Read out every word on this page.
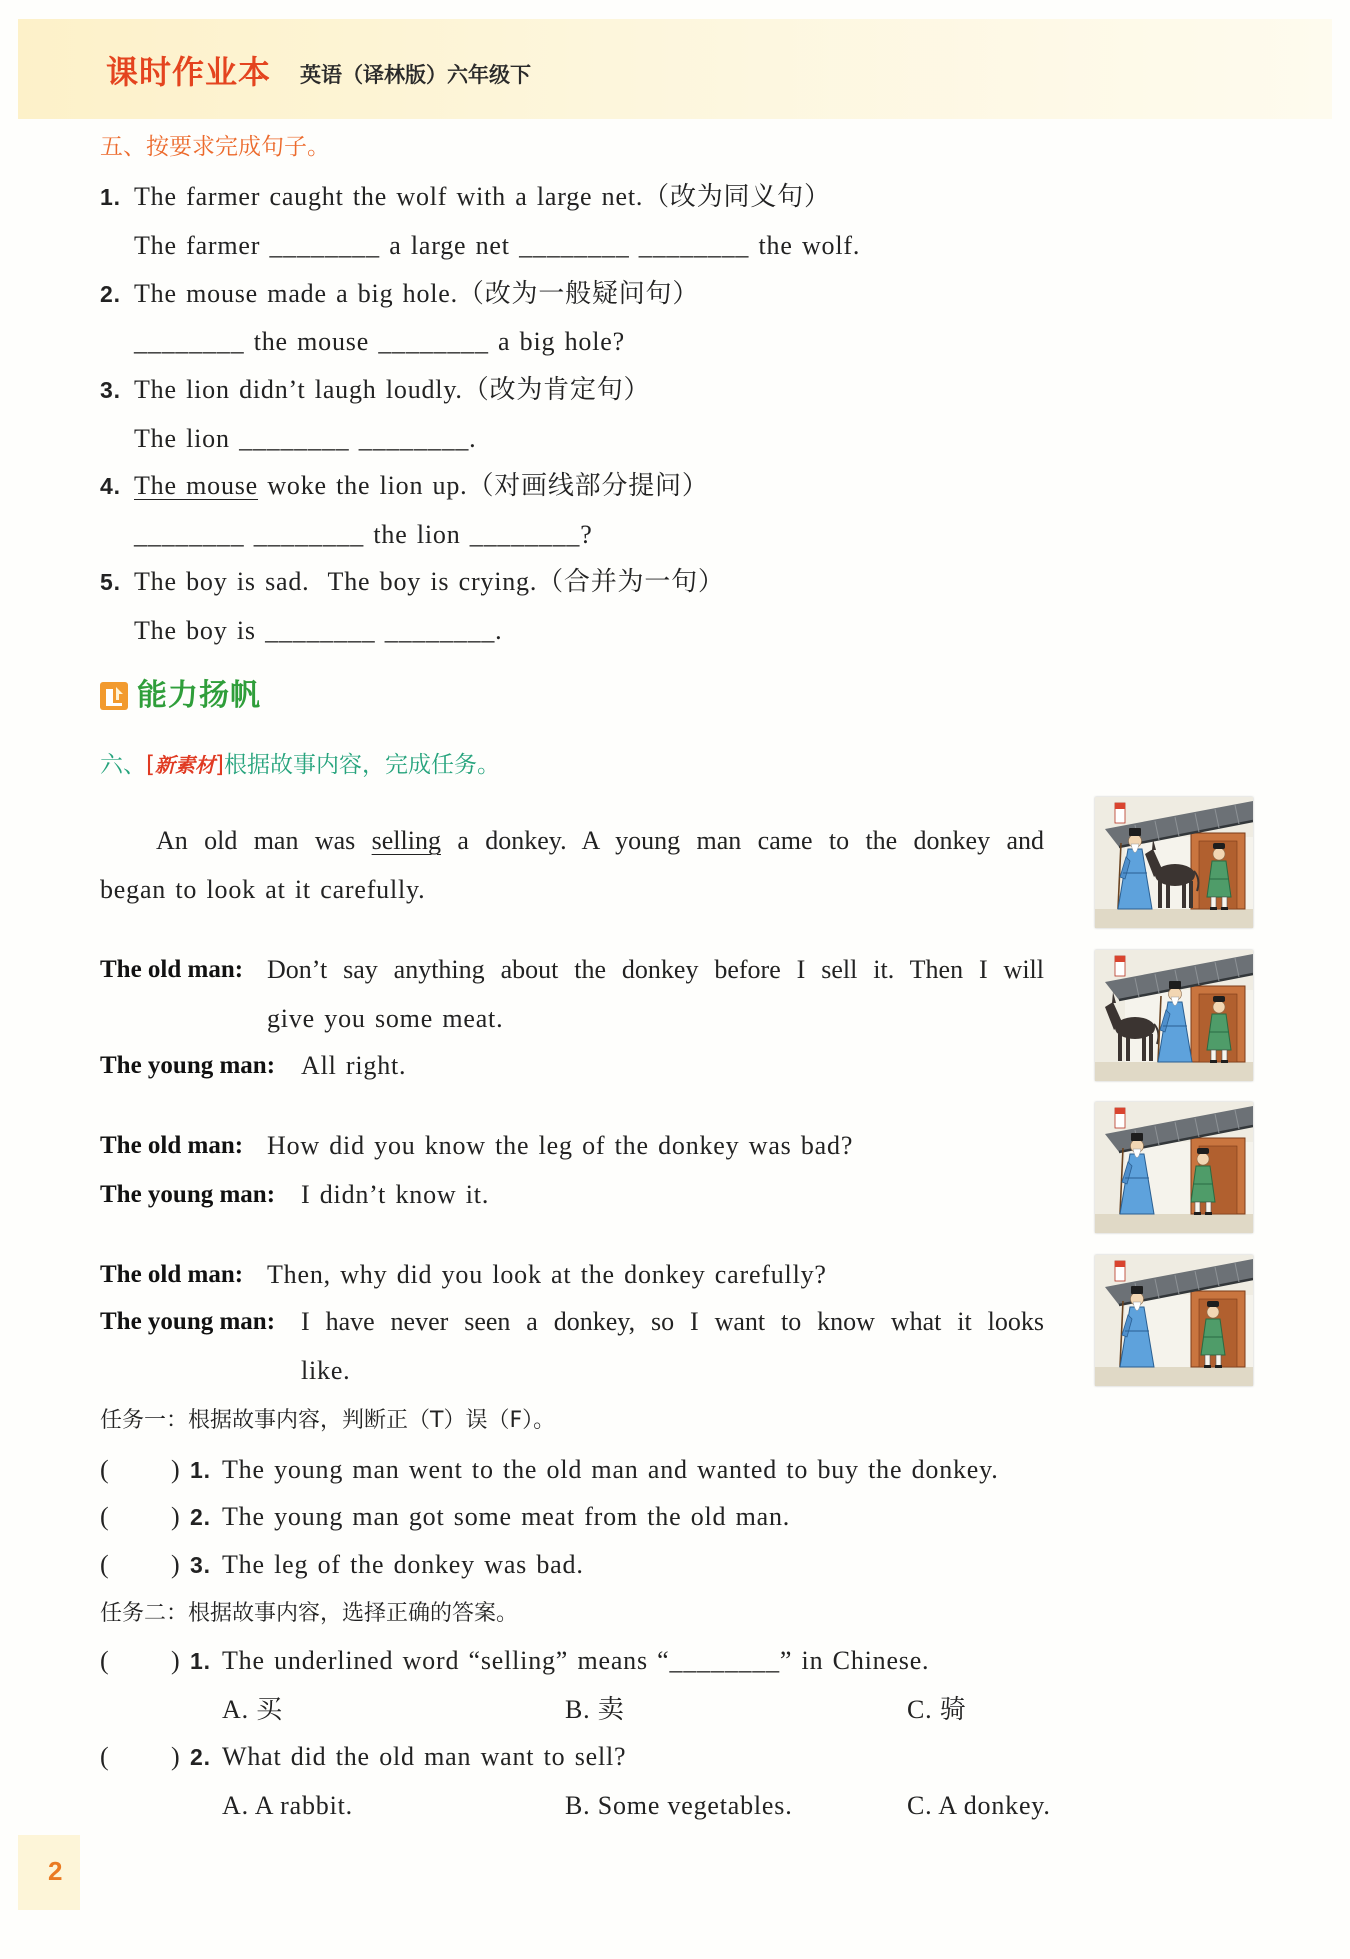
课时作业本 英语（译林版）六年级下
五、按要求完成句子。
1. The farmer caught the wolf with a large net.（改为同义句）
The farmer ________ a large net ________ ________ the wolf.
2. The mouse made a big hole.（改为一般疑问句）
________ the mouse ________ a big hole?
3. The lion didn’t laugh loudly.（改为肯定句）
The lion ________ ________.
4. The mouse woke the lion up.（对画线部分提问）
________ ________ the lion ________?
5. The boy is sad.  The boy is crying.（合并为一句）
The boy is ________ ________.
能力扬帆
六、[新素材]根据故事内容，完成任务。
An old man was selling a donkey. A young man came to the donkey and
began to look at it carefully.
The old man: Don’t say anything about the donkey before I sell it. Then I will
give you some meat.
The young man: All right.
The old man: How did you know the leg of the donkey was bad?
The young man: I didn’t know it.
The old man: Then, why did you look at the donkey carefully?
The young man: I have never seen a donkey, so I want to know what it looks
like.
任务一：根据故事内容，判断正（T）误（F）。
( ) 1. The young man went to the old man and wanted to buy the donkey.
( ) 2. The young man got some meat from the old man.
( ) 3. The leg of the donkey was bad.
任务二：根据故事内容，选择正确的答案。
( ) 1. The underlined word “selling” means “________” in Chinese.
A. 买	B. 卖	C. 骑
( ) 2. What did the old man want to sell?
A. A rabbit.	B. Some vegetables.	C. A donkey.
2
